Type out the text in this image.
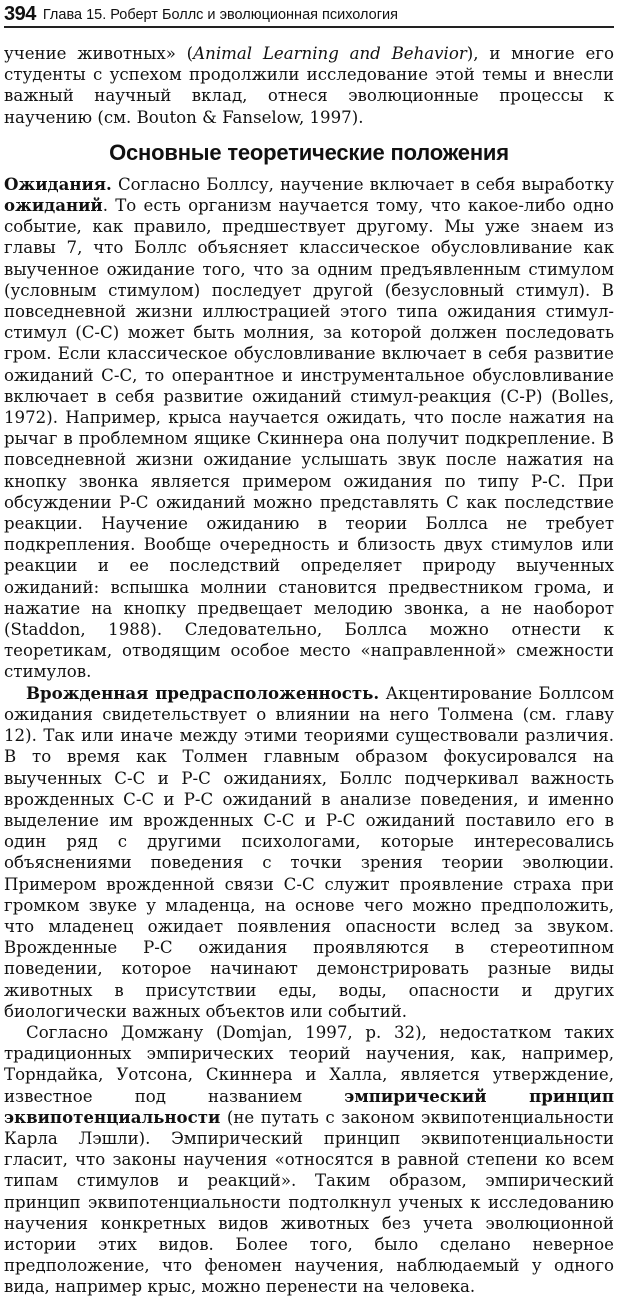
394 Глава 15. Роберт Боллс и эволюционная психология

учение животных» (Animal Learning and Behavior), и многие его студенты с успехом продолжили исследование этой темы и внесли важный научный вклад, отнеся эволюционные процессы к научению (см. Bouton & Fanselow, 1997).

Основные теоретические положения

Ожидания. Согласно Боллсу, научение включает в себя выработку ожиданий. То есть организм научается тому, что какое-либо одно событие, как правило, предшествует другому. Мы уже знаем из главы 7, что Боллс объясняет классическое обусловливание как выученное ожидание того, что за одним предъявленным стимулом (условным стимулом) последует другой (безусловный стимул). В повседневной жизни иллюстрацией этого типа ожидания стимул-стимул (С-С) может быть молния, за которой должен последовать гром. Если классическое обусловливание включает в себя развитие ожиданий С-С, то оперантное и инструментальное обусловливание включает в себя развитие ожиданий стимул-реакция (С-Р) (Bolles, 1972). Например, крыса научается ожидать, что после нажатия на рычаг в проблемном ящике Скиннера она получит подкрепление. В повседневной жизни ожидание услышать звук после нажатия на кнопку звонка является примером ожидания по типу Р-С. При обсуждении Р-С ожиданий можно представлять С как последствие реакции. Научение ожиданию в теории Боллса не требует подкрепления. Вообще очередность и близость двух стимулов или реакции и ее последствий определяет природу выученных ожиданий: вспышка молнии становится предвестником грома, и нажатие на кнопку предвещает мелодию звонка, а не наоборот (Staddon, 1988). Следовательно, Боллса можно отнести к теоретикам, отводящим особое место «направленной» смежности стимулов.

Врожденная предрасположенность. Акцентирование Боллсом ожидания свидетельствует о влиянии на него Толмена (см. главу 12). Так или иначе между этими теориями существовали различия. В то время как Толмен главным образом фокусировался на выученных С-С и Р-С ожиданиях, Боллс подчеркивал важность врожденных С-С и Р-С ожиданий в анализе поведения, и именно выделение им врожденных С-С и Р-С ожиданий поставило его в один ряд с другими психологами, которые интересовались объяснениями поведения с точки зрения теории эволюции. Примером врожденной связи С-С служит проявление страха при громком звуке у младенца, на основе чего можно предположить, что младенец ожидает появления опасности вслед за звуком. Врожденные Р-С ожидания проявляются в стереотипном поведении, которое начинают демонстрировать разные виды животных в присутствии еды, воды, опасности и других биологически важных объектов или событий.

Согласно Домжану (Domjan, 1997, p. 32), недостатком таких традиционных эмпирических теорий научения, как, например, Торндайка, Уотсона, Скиннера и Халла, является утверждение, известное под названием эмпирический принцип эквипотенциальности (не путать с законом эквипотенциальности Карла Лэшли). Эмпирический принцип эквипотенциальности гласит, что законы научения «относятся в равной степени ко всем типам стимулов и реакций». Таким образом, эмпирический принцип эквипотенциальности подтолкнул ученых к исследованию научения конкретных видов животных без учета эволюционной истории этих видов. Более того, было сделано неверное предположение, что феномен научения, наблюдаемый у одного вида, например крыс, можно перенести на человека.
